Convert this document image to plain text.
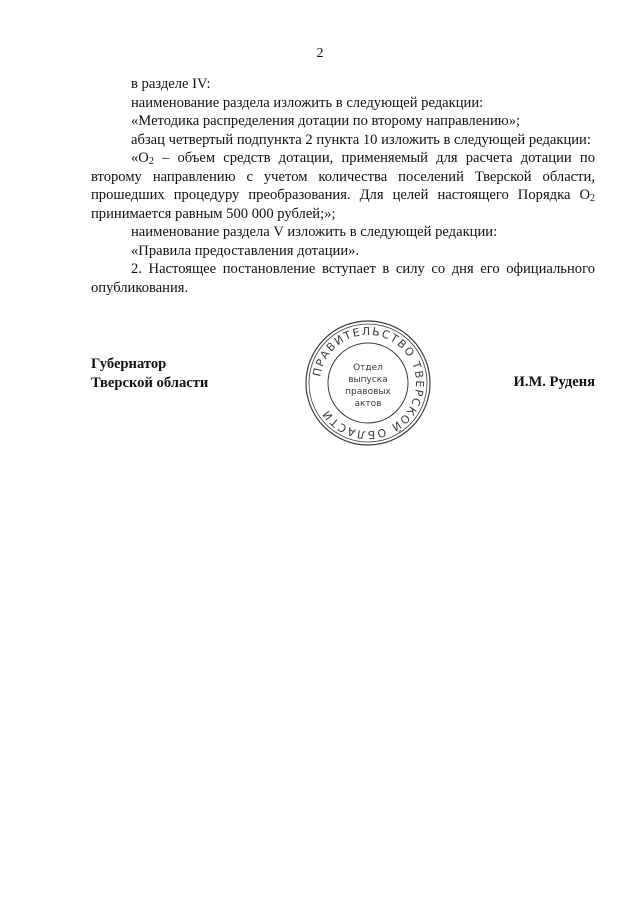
2

в разделе IV:

наименование раздела изложить в следующей редакции:

«Методика распределения дотации по второму направлению»;

абзац четвертый подпункта 2 пункта 10 изложить в следующей редакции:

«$O_2$ – объем средств дотации, применяемый для расчета дотации по второму направлению с учетом количества поселений Тверской области, прошедших процедуру преобразования. Для целей настоящего Порядка $O_2$ принимается равным 500 000 рублей;»;

наименование раздела V изложить в следующей редакции:

«Правила предоставления дотации».

2. Настоящее постановление вступает в силу со дня его официального опубликования.

Губернатор
Тверской области
ПРАВИТЕЛЬСТВО ТВЕРСКОЙ ОБЛАСТИ
Отдел
выпуска
правовых
актов
И.М. Руденя
